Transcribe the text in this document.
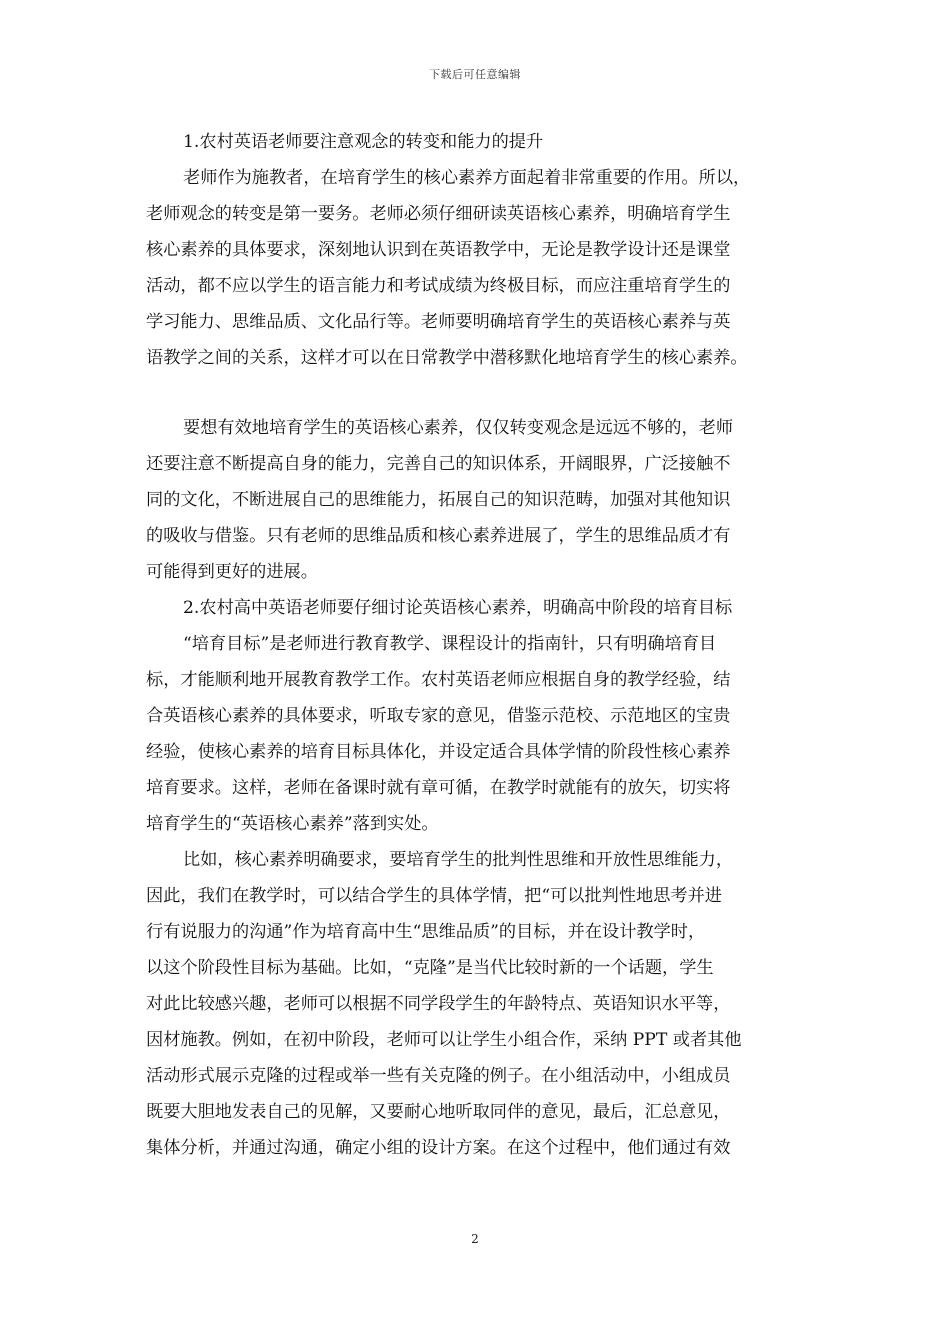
下载后可任意编辑
1.农村英语老师要注意观念的转变和能力的提升
老师作为施教者，在培育学生的核心素养方面起着非常重要的作用。所以，
老师观念的转变是第一要务。老师必须仔细研读英语核心素养，明确培育学生
核心素养的具体要求，深刻地认识到在英语教学中，无论是教学设计还是课堂
活动，都不应以学生的语言能力和考试成绩为终极目标，而应注重培育学生的
学习能力、思维品质、文化品行等。老师要明确培育学生的英语核心素养与英
语教学之间的关系，这样才可以在日常教学中潜移默化地培育学生的核心素养。
要想有效地培育学生的英语核心素养，仅仅转变观念是远远不够的，老师
还要注意不断提高自身的能力，完善自己的知识体系，开阔眼界，广泛接触不
同的文化，不断进展自己的思维能力，拓展自己的知识范畴，加强对其他知识
的吸收与借鉴。只有老师的思维品质和核心素养进展了，学生的思维品质才有
可能得到更好的进展。
2.农村高中英语老师要仔细讨论英语核心素养，明确高中阶段的培育目标
“培育目标”是老师进行教育教学、课程设计的指南针，只有明确培育目
标，才能顺利地开展教育教学工作。农村英语老师应根据自身的教学经验，结
合英语核心素养的具体要求，听取专家的意见，借鉴示范校、示范地区的宝贵
经验，使核心素养的培育目标具体化，并设定适合具体学情的阶段性核心素养
培育要求。这样，老师在备课时就有章可循，在教学时就能有的放矢，切实将
培育学生的“英语核心素养”落到实处。
比如，核心素养明确要求，要培育学生的批判性思维和开放性思维能力，
因此，我们在教学时，可以结合学生的具体学情，把“可以批判性地思考并进
行有说服力的沟通”作为培育高中生“思维品质”的目标，并在设计教学时，
以这个阶段性目标为基础。比如，“克隆”是当代比较时新的一个话题，学生
对此比较感兴趣，老师可以根据不同学段学生的年龄特点、英语知识水平等，
因材施教。例如，在初中阶段，老师可以让学生小组合作，采纳 PPT 或者其他
活动形式展示克隆的过程或举一些有关克隆的例子。在小组活动中，小组成员
既要大胆地发表自己的见解，又要耐心地听取同伴的意见，最后，汇总意见，
集体分析，并通过沟通，确定小组的设计方案。在这个过程中，他们通过有效
2
